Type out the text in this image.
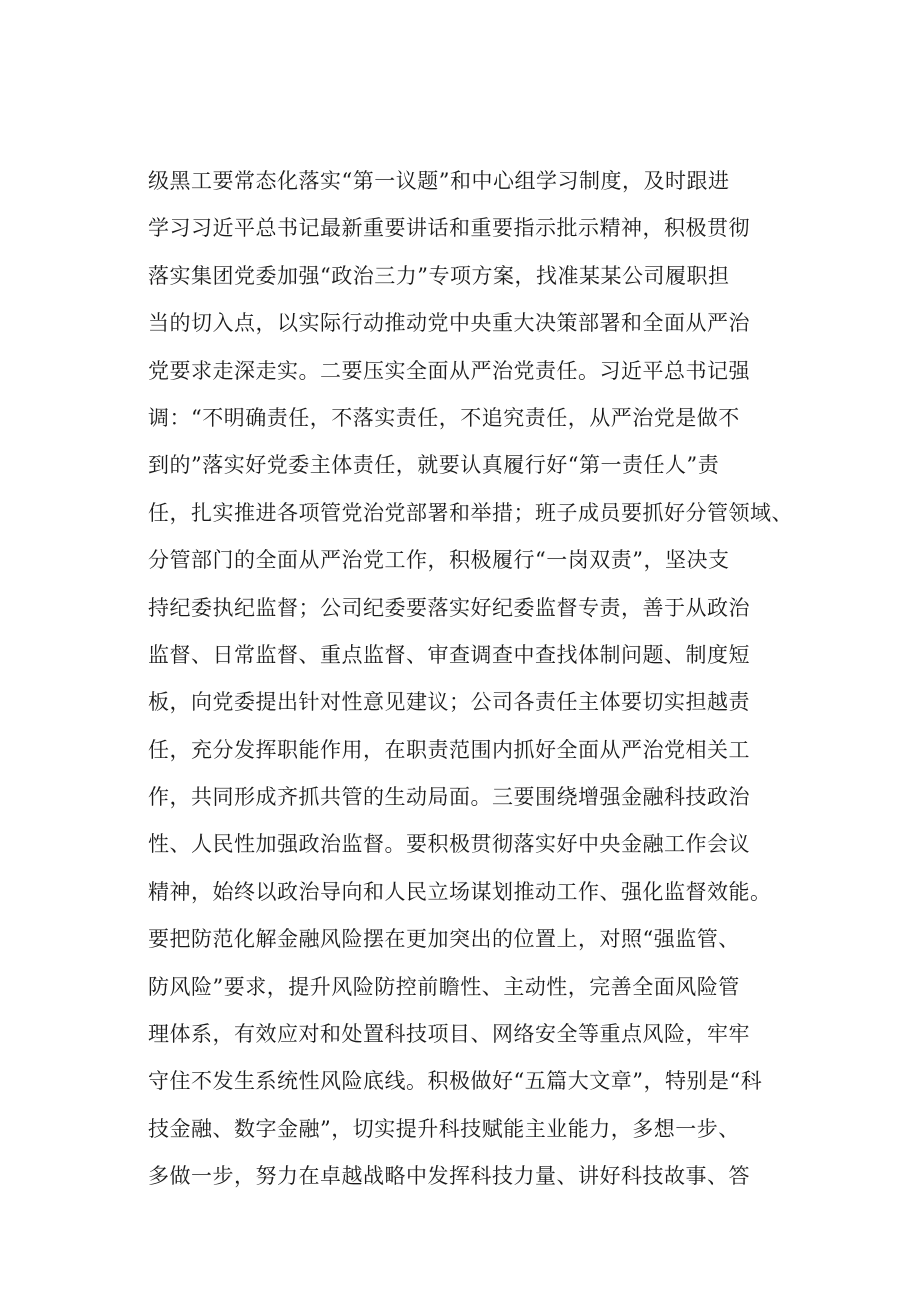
级黑工要常态化落实“第一议题”和中心组学习制度，及时跟进
学习习近平总书记最新重要讲话和重要指示批示精神，积极贯彻
落实集团党委加强“政治三力”专项方案，找准某某公司履职担
当的切入点，以实际行动推动党中央重大决策部署和全面从严治
党要求走深走实。二要压实全面从严治党责任。习近平总书记强
调：“不明确责任，不落实责任，不追究责任，从严治党是做不
到的”落实好党委主体责任，就要认真履行好“第一责任人”责
任，扎实推进各项管党治党部署和举措；班子成员要抓好分管领域、
分管部门的全面从严治党工作，积极履行“一岗双责”，坚决支
持纪委执纪监督；公司纪委要落实好纪委监督专责，善于从政治
监督、日常监督、重点监督、审查调查中查找体制问题、制度短
板，向党委提出针对性意见建议；公司各责任主体要切实担越责
任，充分发挥职能作用，在职责范围内抓好全面从严治党相关工
作，共同形成齐抓共管的生动局面。三要围绕增强金融科技政治
性、人民性加强政治监督。要积极贯彻落实好中央金融工作会议
精神，始终以政治导向和人民立场谋划推动工作、强化监督效能。
要把防范化解金融风险摆在更加突出的位置上，对照“强监管、
防风险”要求，提升风险防控前瞻性、主动性，完善全面风险管
理体系，有效应对和处置科技项目、网络安全等重点风险，牢牢
守住不发生系统性风险底线。积极做好“五篇大文章”，特别是“科
技金融、数字金融”，切实提升科技赋能主业能力，多想一步、
多做一步，努力在卓越战略中发挥科技力量、讲好科技故事、答
